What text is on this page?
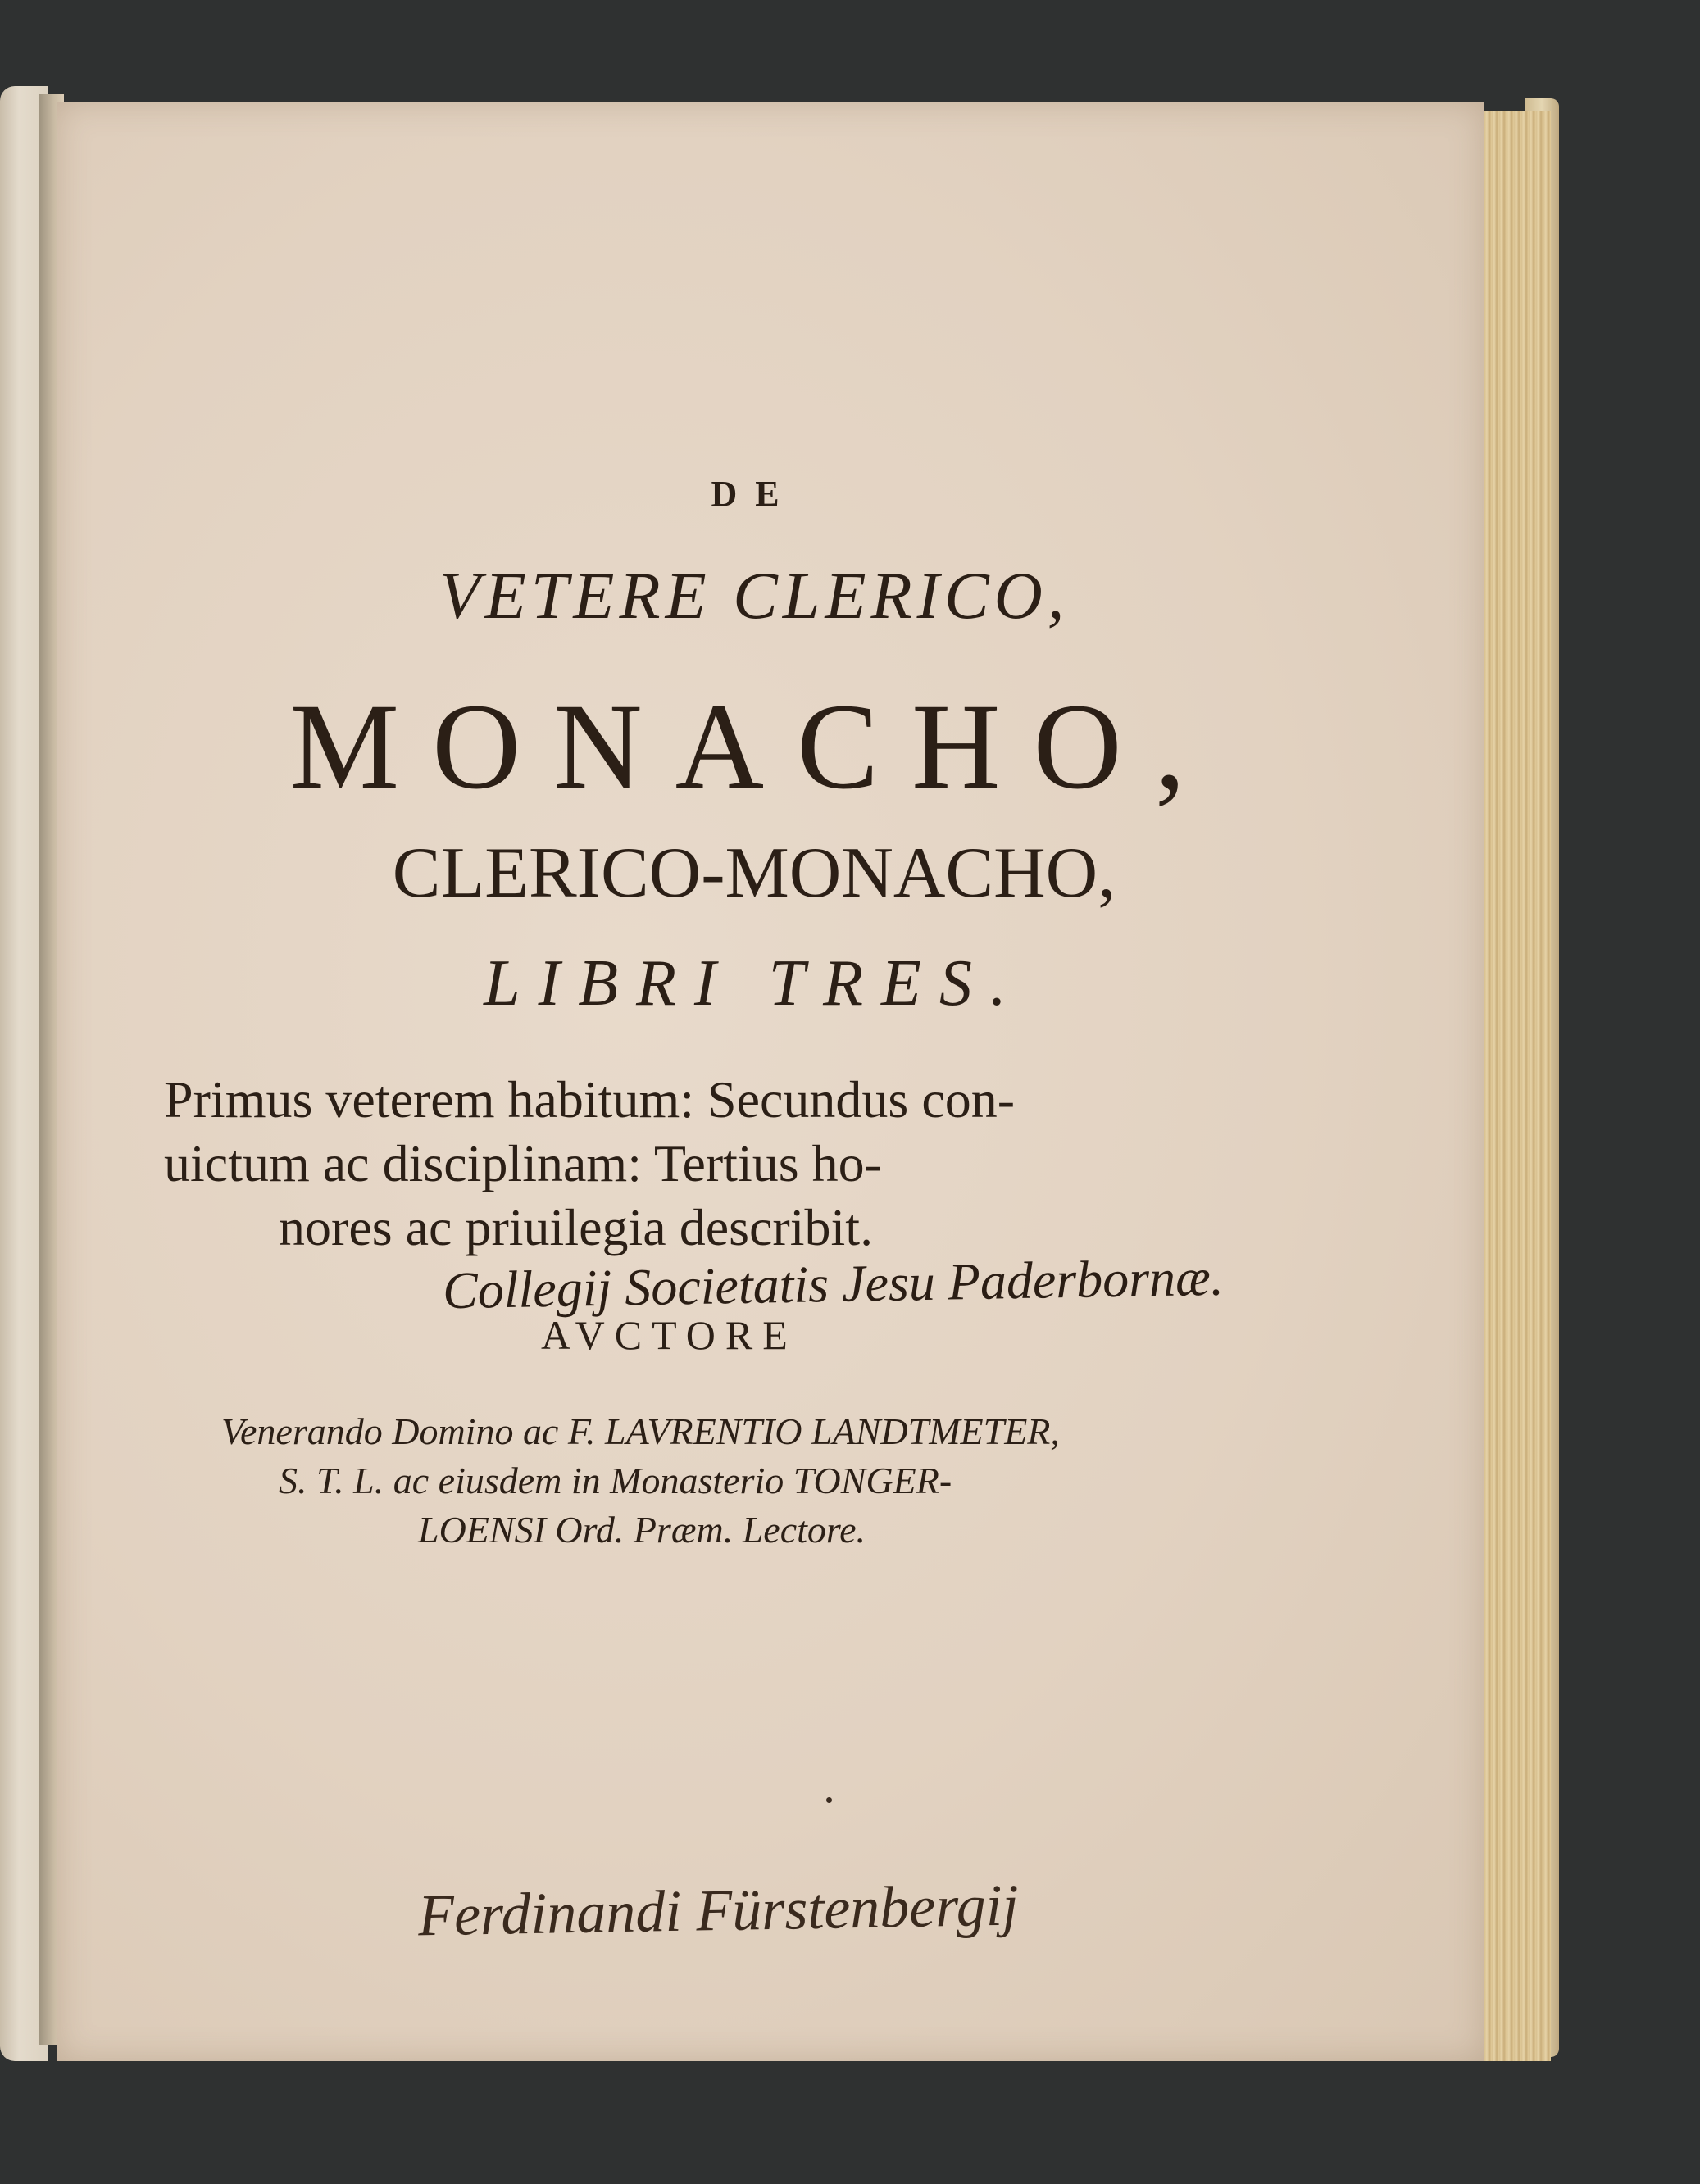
DE
VETERE CLERICO,
MONACHO,
CLERICO-MONACHO,
LIBRI TRES.
Primus veterem habitum: Secundus con-
uictum ac disciplinam: Tertius ho-
nores ac priuilegia describit.
Collegij Societatis Jesu Paderbornæ.
AVCTORE
Venerando Domino ac F. LAVRENTIO LANDTMETER,
S. T. L. ac eiusdem in Monasterio TONGER-
LOENSI Ord. Præm. Lectore.
Ferdinandi Fürstenbergij
